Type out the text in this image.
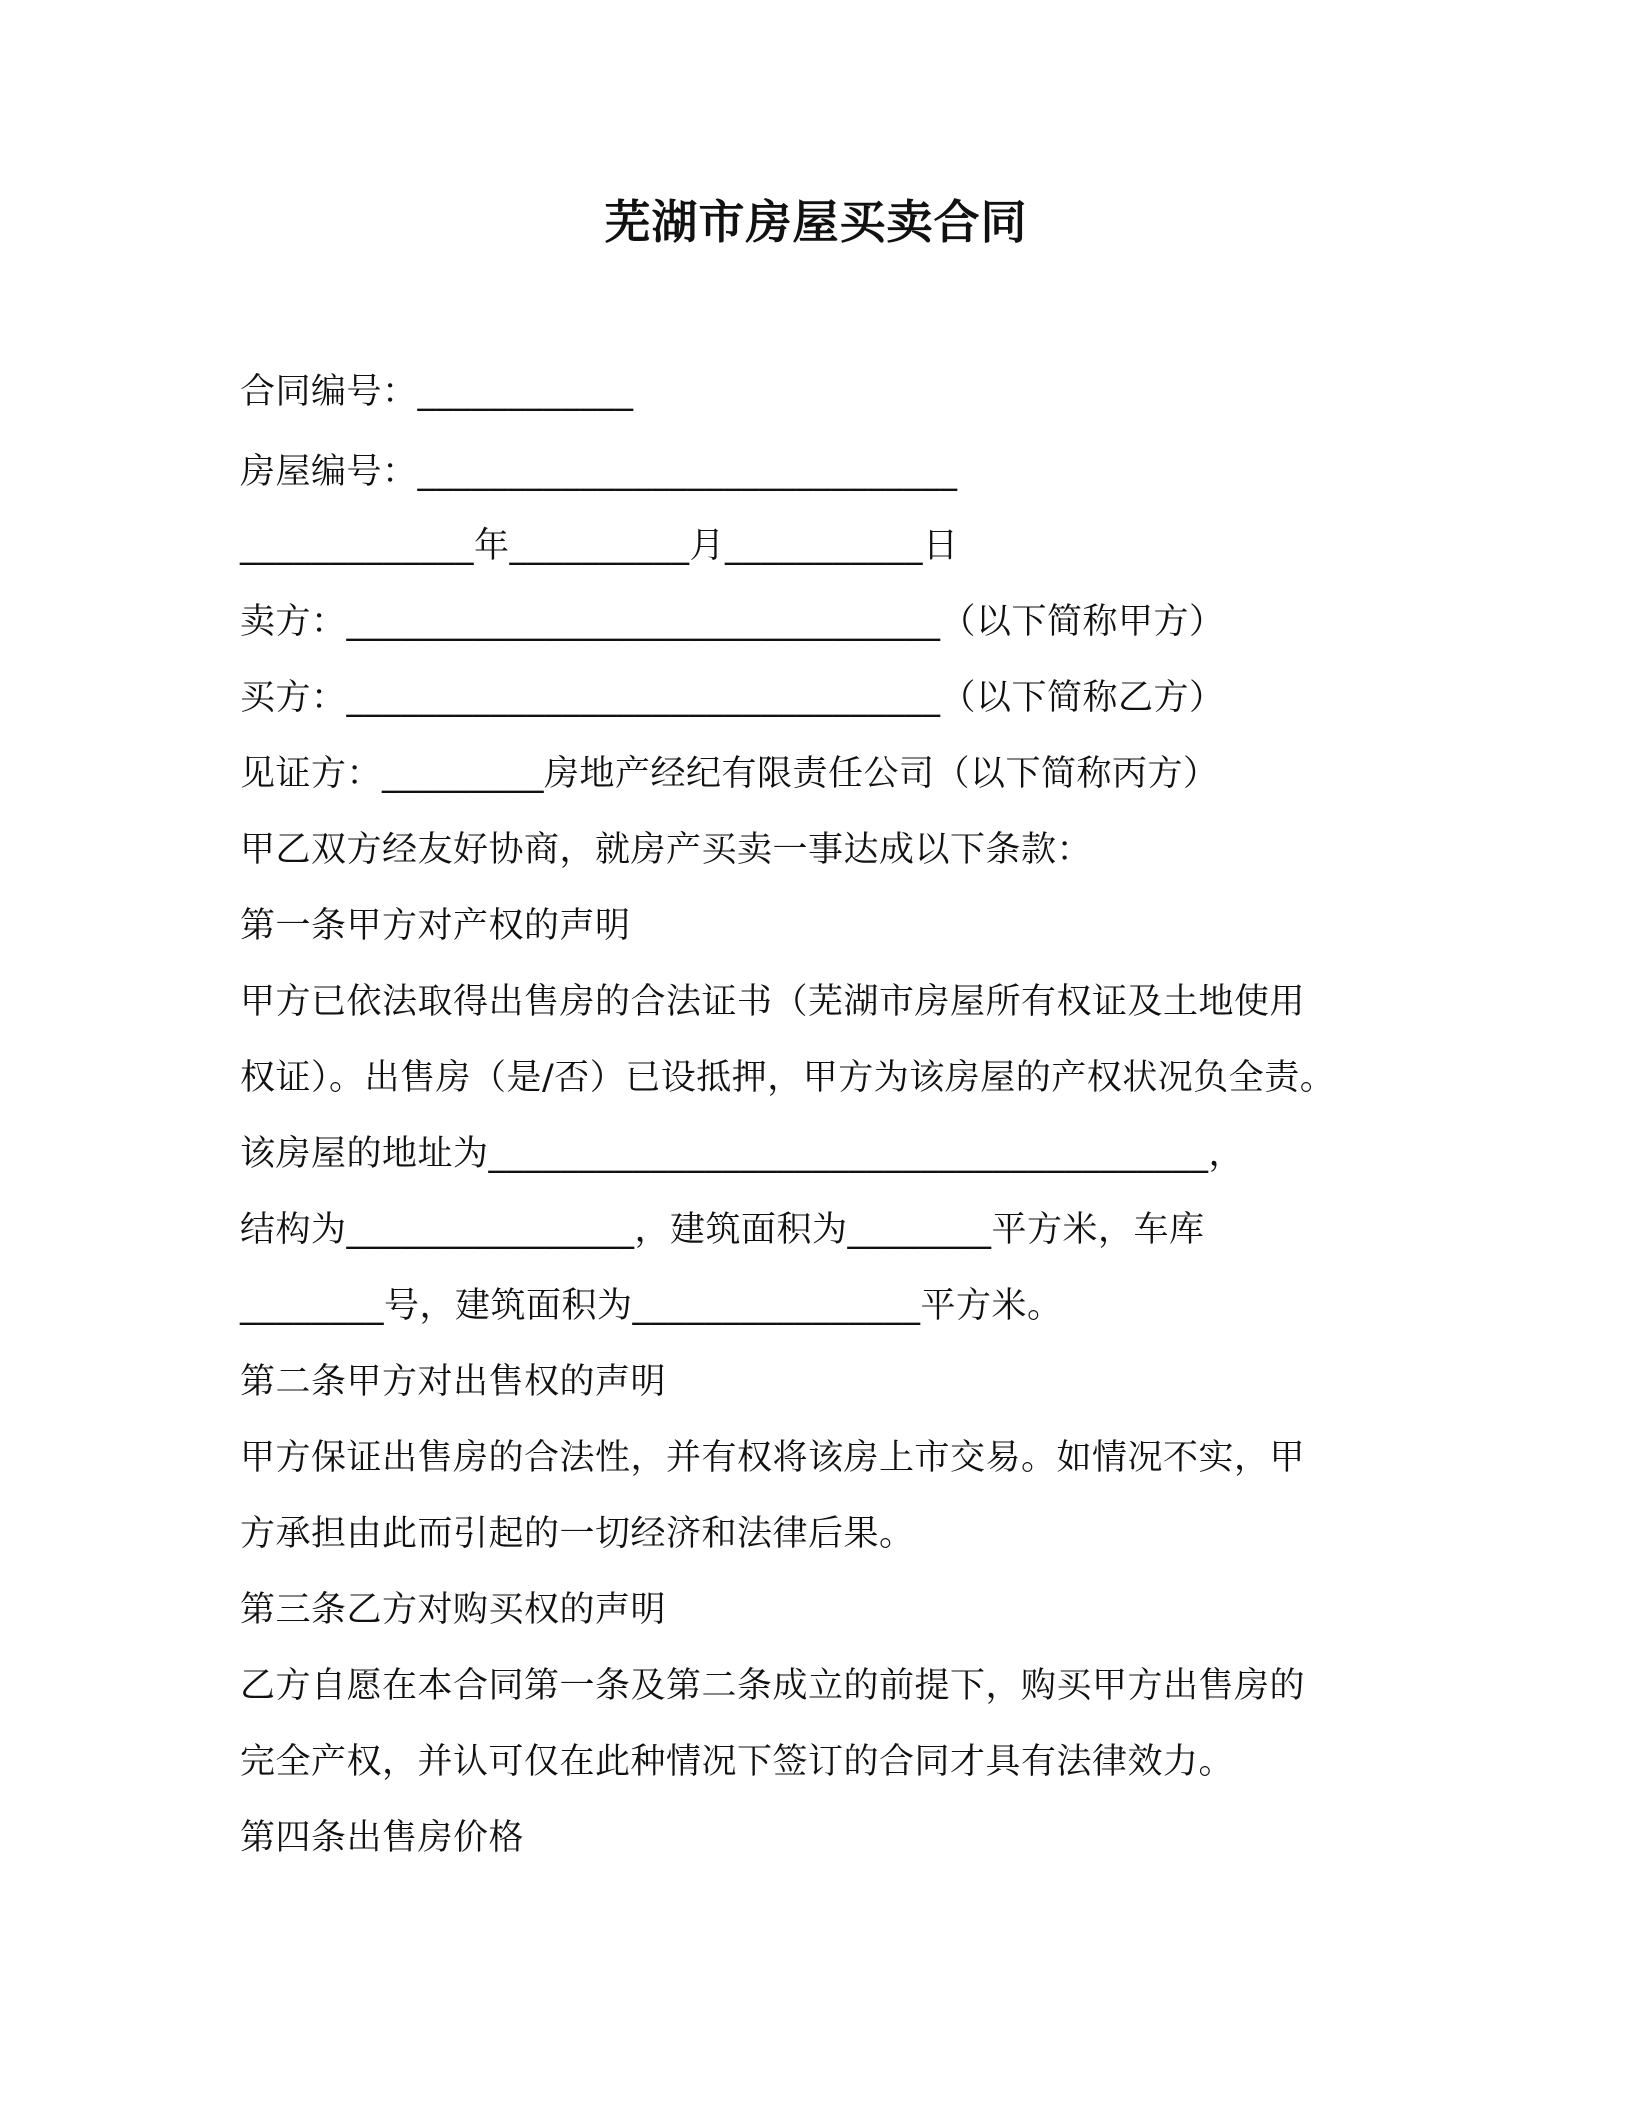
芜湖市房屋买卖合同
合同编号：____________
房屋编号：______________________________
_____________年__________月___________日
卖方：_________________________________（以下简称甲方）
买方：_________________________________（以下简称乙方）
见证方：_________房地产经纪有限责任公司（以下简称丙方）
甲乙双方经友好协商，就房产买卖一事达成以下条款：
第一条甲方对产权的声明
甲方已依法取得出售房的合法证书（芜湖市房屋所有权证及土地使用
权证）。出售房（是/否）已设抵押，甲方为该房屋的产权状况负全责。
该房屋的地址为________________________________________，
结构为________________，建筑面积为________平方米，车库
________号，建筑面积为________________平方米。
第二条甲方对出售权的声明
甲方保证出售房的合法性，并有权将该房上市交易。如情况不实，甲
方承担由此而引起的一切经济和法律后果。
第三条乙方对购买权的声明
乙方自愿在本合同第一条及第二条成立的前提下，购买甲方出售房的
完全产权，并认可仅在此种情况下签订的合同才具有法律效力。
第四条出售房价格
